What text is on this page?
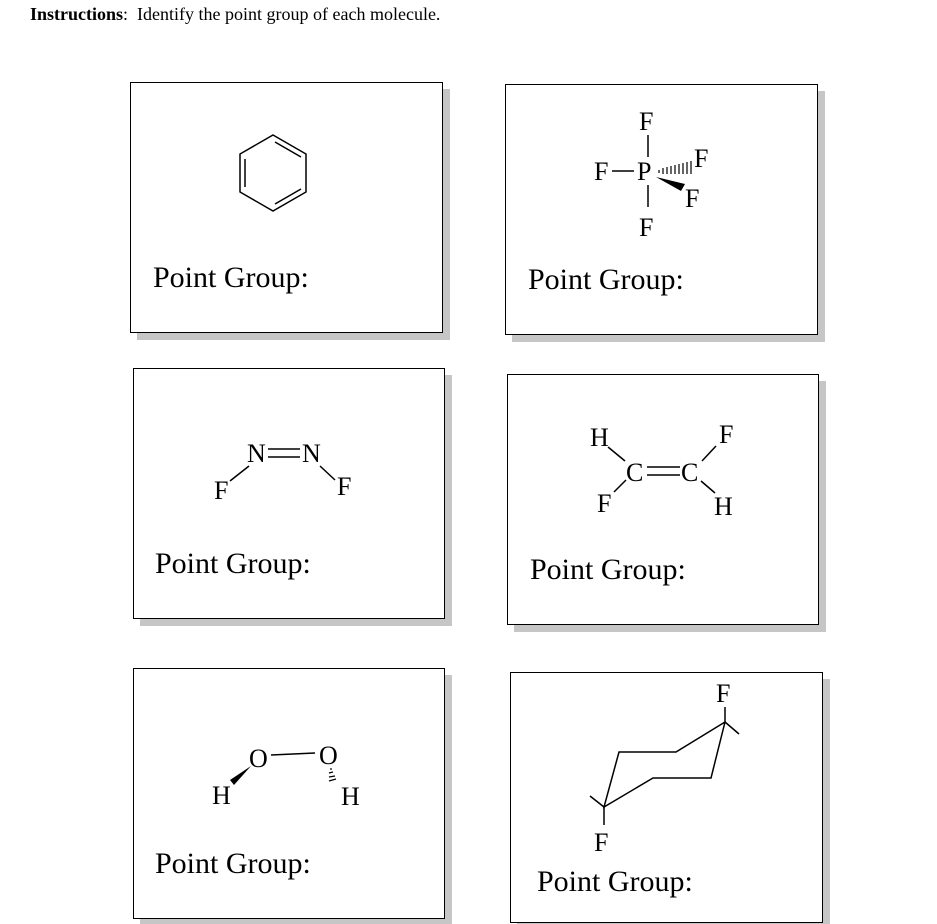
Instructions:  Identify the point group of each molecule.
Point Group:
F
F P F
F
F
Point Group:
N N
F	F
Point Group:
H
F
C C
F
H
Point Group:
O O
H	H
Point Group:
F
F
Point Group:
